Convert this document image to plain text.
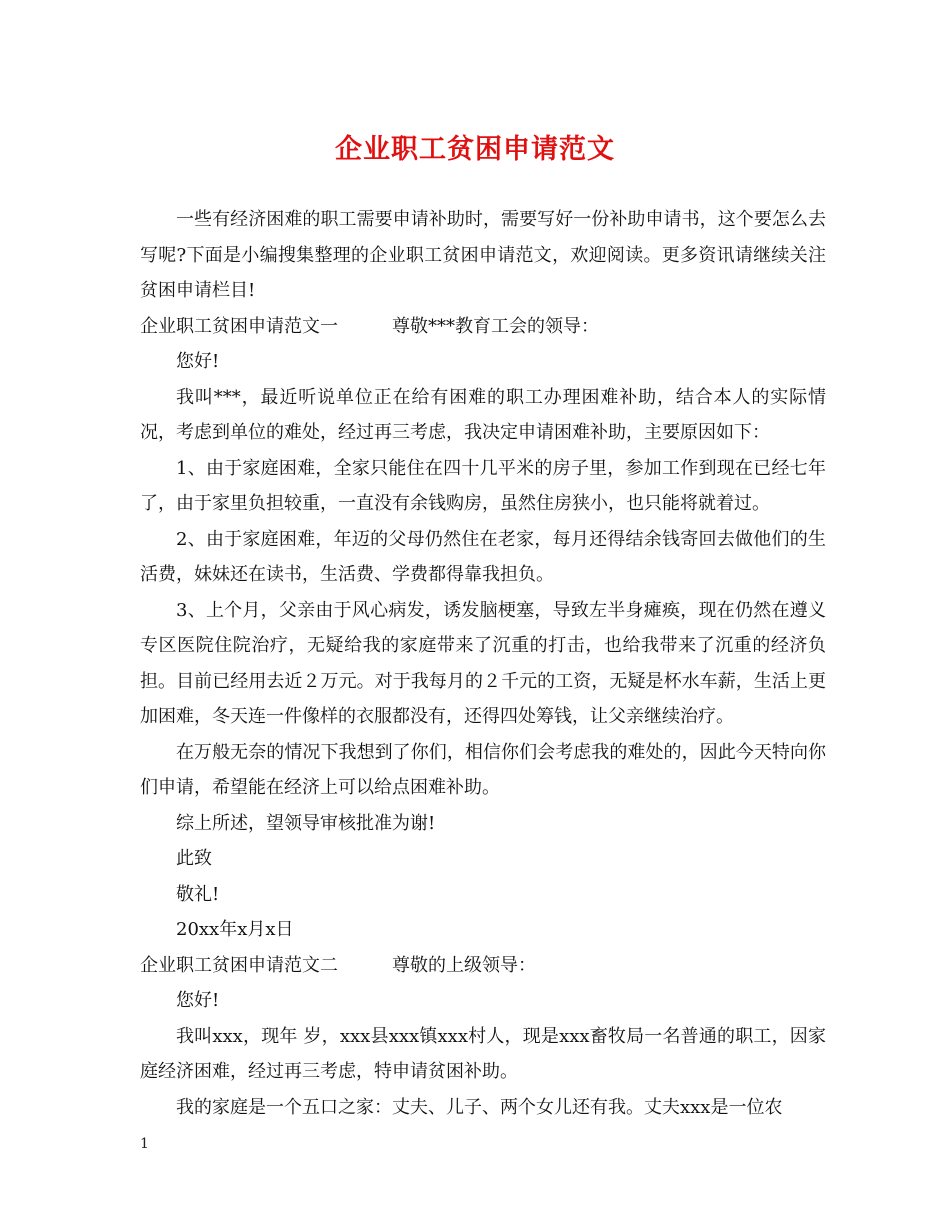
企业职工贫困申请范文

一些有经济困难的职工需要申请补助时，需要写好一份补助申请书，这个要怎么去写呢?下面是小编搜集整理的企业职工贫困申请范文，欢迎阅读。更多资讯请继续关注贫困申请栏目!

企业职工贫困申请范文一	尊敬***教育工会的领导：

您好!

我叫***，最近听说单位正在给有困难的职工办理困难补助，结合本人的实际情况，考虑到单位的难处，经过再三考虑，我决定申请困难补助，主要原因如下：

1、由于家庭困难，全家只能住在四十几平米的房子里，参加工作到现在已经七年了，由于家里负担较重，一直没有余钱购房，虽然住房狭小，也只能将就着过。

2、由于家庭困难，年迈的父母仍然住在老家，每月还得结余钱寄回去做他们的生活费，妹妹还在读书，生活费、学费都得靠我担负。

3、上个月，父亲由于风心病发，诱发脑梗塞，导致左半身瘫痪，现在仍然在遵义专区医院住院治疗，无疑给我的家庭带来了沉重的打击，也给我带来了沉重的经济负担。目前已经用去近２万元。对于我每月的２千元的工资，无疑是杯水车薪，生活上更加困难，冬天连一件像样的衣服都没有，还得四处筹钱，让父亲继续治疗。

在万般无奈的情况下我想到了你们，相信你们会考虑我的难处的，因此今天特向你们申请，希望能在经济上可以给点困难补助。

综上所述，望领导审核批准为谢!

此致

敬礼!

20xx年x月x日

企业职工贫困申请范文二	尊敬的上级领导：

您好!

我叫xxx，现年 岁，xxx县xxx镇xxx村人，现是xxx畜牧局一名普通的职工，因家庭经济困难，经过再三考虑，特申请贫困补助。

我的家庭是一个五口之家：丈夫、儿子、两个女儿还有我。丈夫xxx是一位农

1
